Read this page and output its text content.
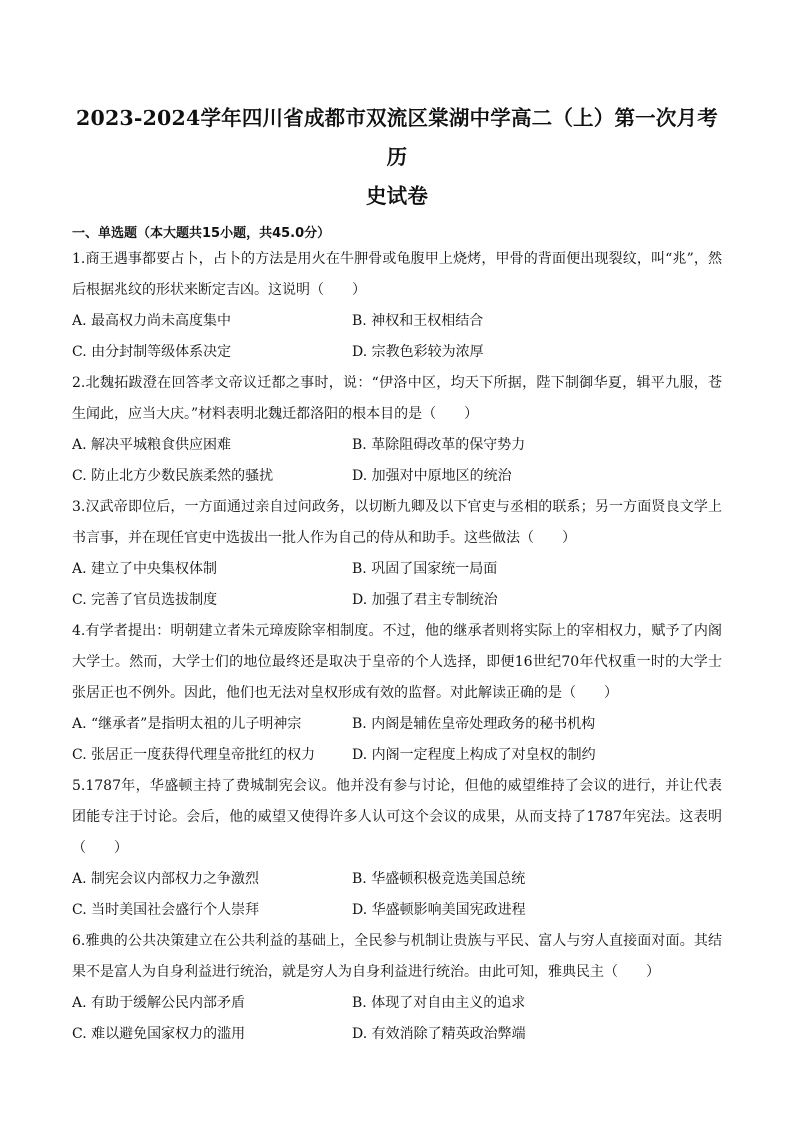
2023-2024学年四川省成都市双流区棠湖中学高二（上）第一次月考历
史试卷
一、单选题（本大题共15小题，共45.0分）

1.商王遇事都要占卜，占卜的方法是用火在牛胛骨或龟腹甲上烧烤，甲骨的背面便出现裂纹，叫“兆”，然后根据兆纹的形状来断定吉凶。这说明（　　）

A. 最高权力尚未高度集中	B. 神权和王权相结合
C. 由分封制等级体系决定	D. 宗教色彩较为浓厚

2.北魏拓跋澄在回答孝文帝议迁都之事时，说：“伊洛中区，均天下所据，陛下制御华夏，辑平九服，苍生闻此，应当大庆。”材料表明北魏迁都洛阳的根本目的是（　　）

A. 解决平城粮食供应困难	B. 革除阻碍改革的保守势力
C. 防止北方少数民族柔然的骚扰	D. 加强对中原地区的统治

3.汉武帝即位后，一方面通过亲自过问政务，以切断九卿及以下官吏与丞相的联系；另一方面贤良文学上书言事，并在现任官吏中选拔出一批人作为自己的侍从和助手。这些做法（　　）

A. 建立了中央集权体制	B. 巩固了国家统一局面
C. 完善了官员选拔制度	D. 加强了君主专制统治

4.有学者提出：明朝建立者朱元璋废除宰相制度。不过，他的继承者则将实际上的宰相权力，赋予了内阁大学士。然而，大学士们的地位最终还是取决于皇帝的个人选择，即便16世纪70年代权重一时的大学士张居正也不例外。因此，他们也无法对皇权形成有效的监督。对此解读正确的是（　　）

A. “继承者”是指明太祖的儿子明神宗	B. 内阁是辅佐皇帝处理政务的秘书机构
C. 张居正一度获得代理皇帝批红的权力	D. 内阁一定程度上构成了对皇权的制约

5.1787年，华盛顿主持了费城制宪会议。他并没有参与讨论，但他的威望维持了会议的进行，并让代表团能专注于讨论。会后，他的威望又使得许多人认可这个会议的成果，从而支持了1787年宪法。这表明（　　）

A. 制宪会议内部权力之争激烈	B. 华盛顿积极竞选美国总统
C. 当时美国社会盛行个人崇拜	D. 华盛顿影响美国宪政进程

6.雅典的公共决策建立在公共利益的基础上，全民参与机制让贵族与平民、富人与穷人直接面对面。其结果不是富人为自身利益进行统治，就是穷人为自身利益进行统治。由此可知，雅典民主（　　）

A. 有助于缓解公民内部矛盾	B. 体现了对自由主义的追求
C. 难以避免国家权力的滥用	D. 有效消除了精英政治弊端
